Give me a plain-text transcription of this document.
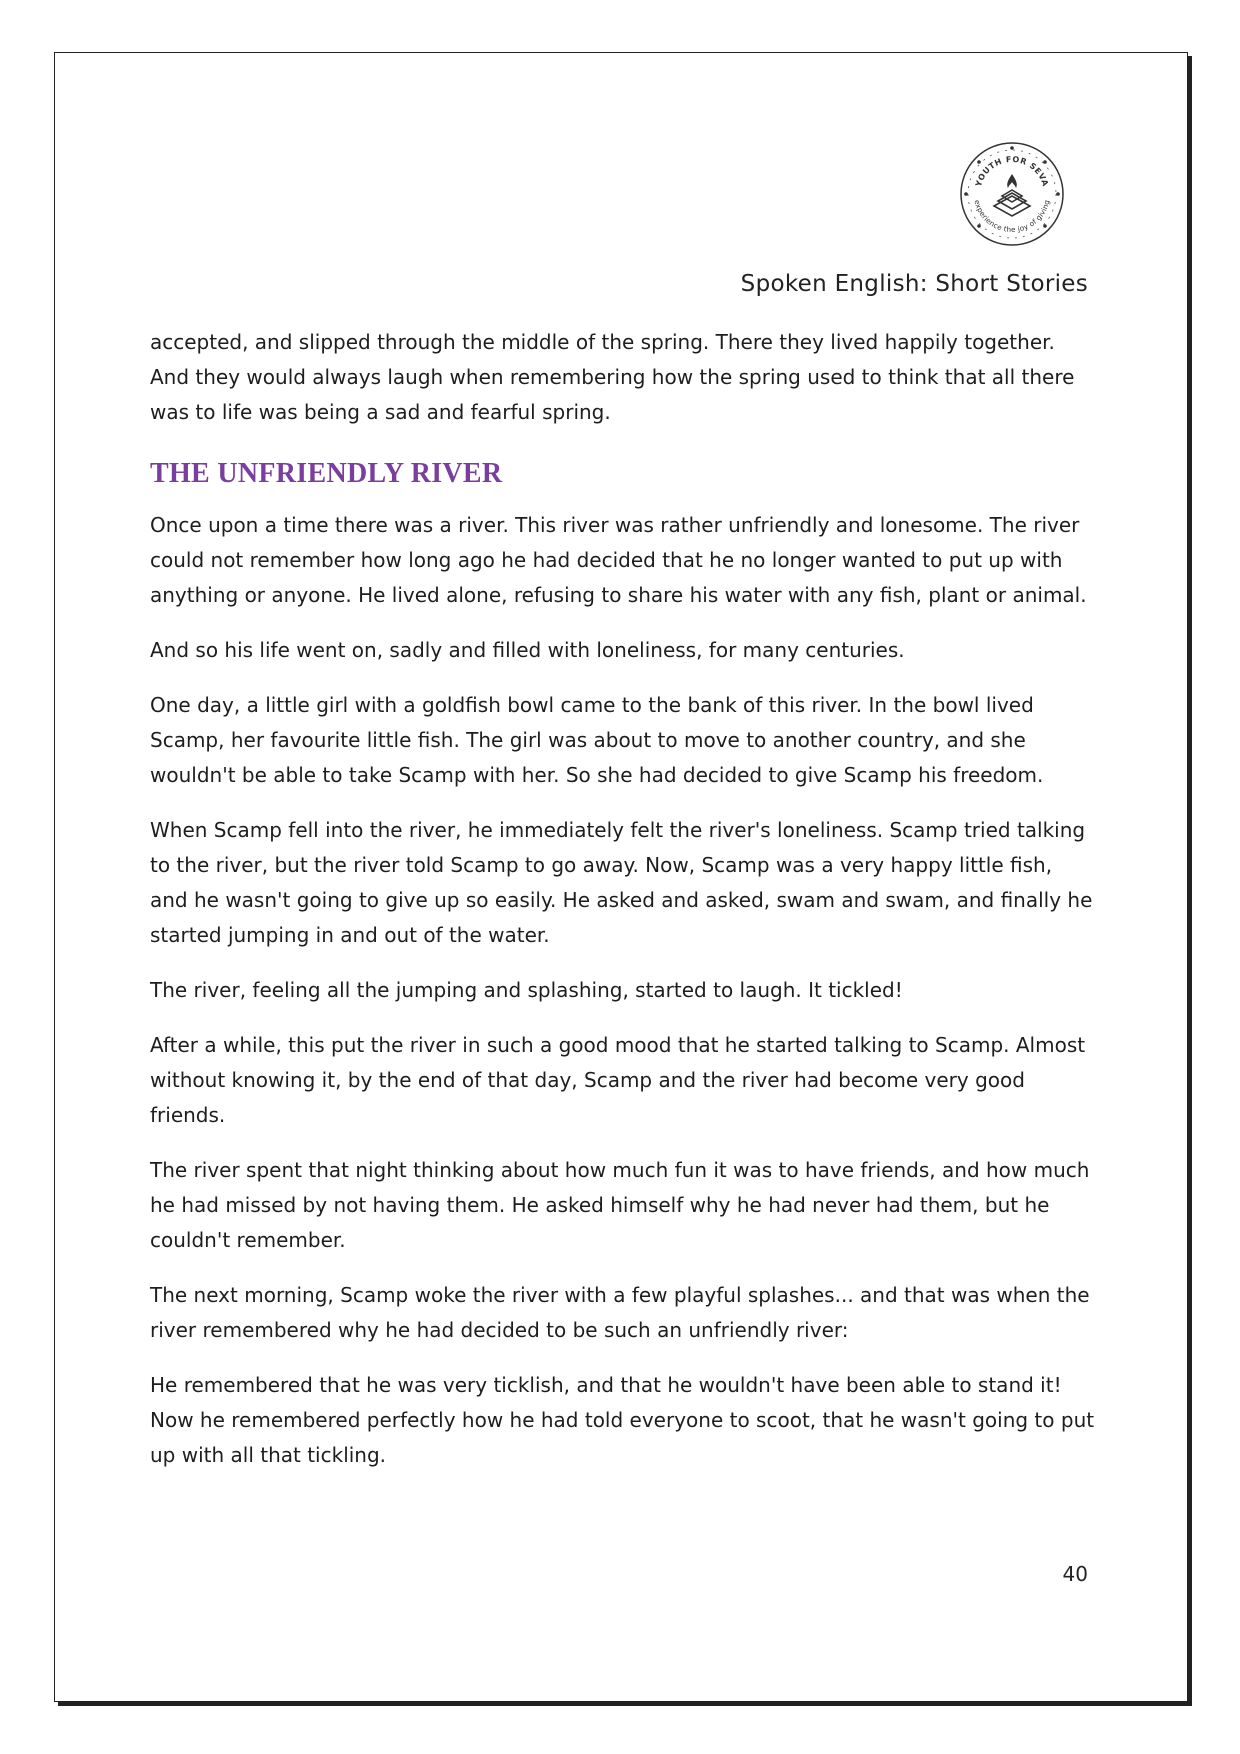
YOUTH FOR SEVA
experience the joy of giving
Spoken English: Short Stories

accepted, and slipped through the middle of the spring. There they lived happily together. And they would always laugh when remembering how the spring used to think that all there was to life was being a sad and fearful spring.

THE UNFRIENDLY RIVER

Once upon a time there was a river. This river was rather unfriendly and lonesome. The river could not remember how long ago he had decided that he no longer wanted to put up with anything or anyone. He lived alone, refusing to share his water with any fish, plant or animal.

And so his life went on, sadly and filled with loneliness, for many centuries.

One day, a little girl with a goldfish bowl came to the bank of this river. In the bowl lived Scamp, her favourite little fish. The girl was about to move to another country, and she wouldn't be able to take Scamp with her. So she had decided to give Scamp his freedom.

When Scamp fell into the river, he immediately felt the river's loneliness. Scamp tried talking to the river, but the river told Scamp to go away. Now, Scamp was a very happy little fish, and he wasn't going to give up so easily. He asked and asked, swam and swam, and finally he started jumping in and out of the water.

The river, feeling all the jumping and splashing, started to laugh. It tickled!

After a while, this put the river in such a good mood that he started talking to Scamp. Almost without knowing it, by the end of that day, Scamp and the river had become very good friends.

The river spent that night thinking about how much fun it was to have friends, and how much he had missed by not having them. He asked himself why he had never had them, but he couldn't remember.

The next morning, Scamp woke the river with a few playful splashes... and that was when the river remembered why he had decided to be such an unfriendly river:

He remembered that he was very ticklish, and that he wouldn't have been able to stand it! Now he remembered perfectly how he had told everyone to scoot, that he wasn't going to put up with all that tickling.

40
